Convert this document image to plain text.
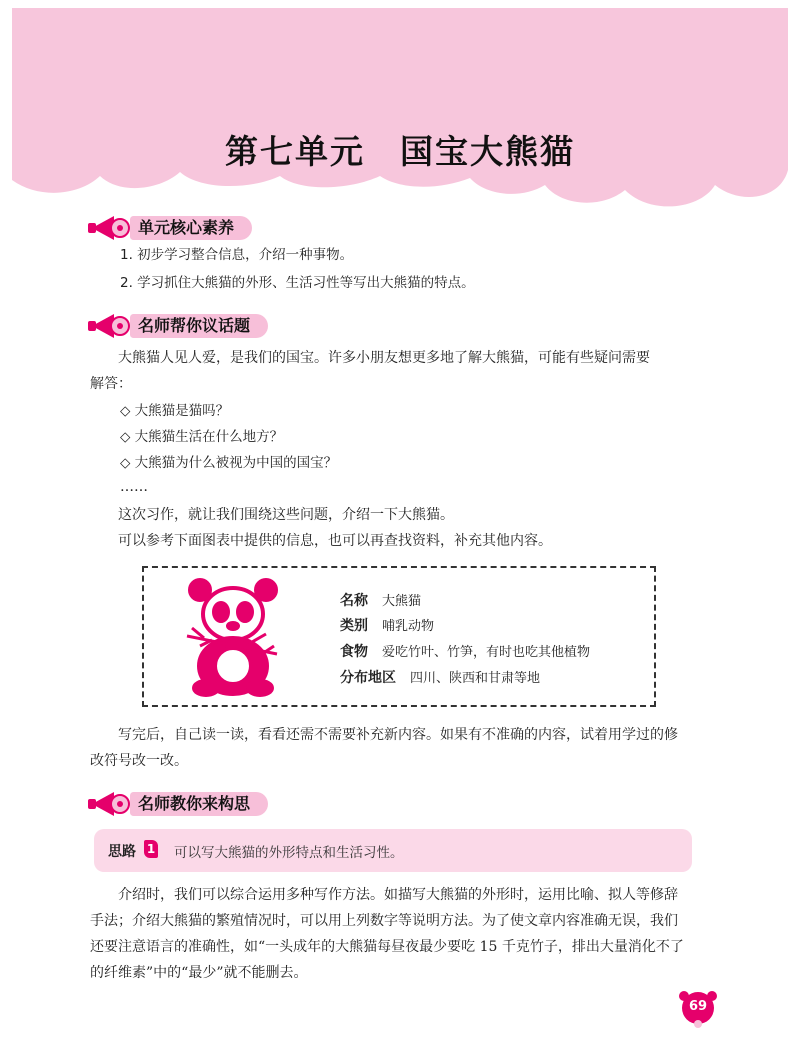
第七单元　国宝大熊猫
单元核心素养
1. 初步学习整合信息，介绍一种事物。
2. 学习抓住大熊猫的外形、生活习性等写出大熊猫的特点。
名师帮你议话题
大熊猫人见人爱，是我们的国宝。许多小朋友想更多地了解大熊猫，可能有些疑问需要
解答：
◇ 大熊猫是猫吗？
◇ 大熊猫生活在什么地方？
◇ 大熊猫为什么被视为中国的国宝？
……
这次习作，就让我们围绕这些问题，介绍一下大熊猫。
可以参考下面图表中提供的信息，也可以再查找资料，补充其他内容。
名称 大熊猫
类别 哺乳动物
食物 爱吃竹叶、竹笋，有时也吃其他植物
分布地区 四川、陕西和甘肃等地
写完后，自己读一读，看看还需不需要补充新内容。如果有不准确的内容，试着用学过的修
改符号改一改。
名师教你来构思
思路 1 可以写大熊猫的外形特点和生活习性。
介绍时，我们可以综合运用多种写作方法。如描写大熊猫的外形时，运用比喻、拟人等修辞
手法；介绍大熊猫的繁殖情况时，可以用上列数字等说明方法。为了使文章内容准确无误，我们
还要注意语言的准确性，如“一头成年的大熊猫每昼夜最少要吃 15 千克竹子，排出大量消化不了
的纤维素”中的“最少”就不能删去。
69
